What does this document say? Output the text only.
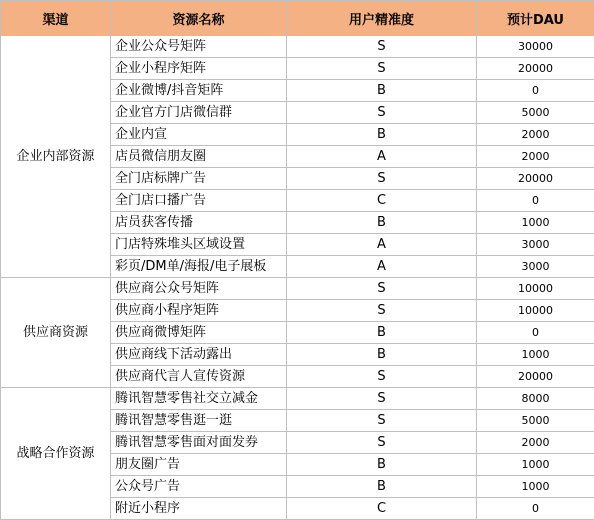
渠道	资源名称	用户精准度	预计DAU
企业内部资源	企业公众号矩阵	S	30000
	企业小程序矩阵	S	20000
	企业微博/抖音矩阵	B	0
	企业官方门店微信群	S	5000
	企业内宣	B	2000
	店员微信朋友圈	A	2000
	全门店标牌广告	S	20000
	全门店口播广告	C	0
	店员获客传播	B	1000
	门店特殊堆头区域设置	A	3000
	彩页/DM单/海报/电子展板	A	3000
供应商资源	供应商公众号矩阵	S	10000
	供应商小程序矩阵	S	10000
	供应商微博矩阵	B	0
	供应商线下活动露出	B	1000
	供应商代言人宣传资源	S	20000
战略合作资源	腾讯智慧零售社交立减金	S	8000
	腾讯智慧零售逛一逛	S	5000
	腾讯智慧零售面对面发券	S	2000
	朋友圈广告	B	1000
	公众号广告	B	1000
	附近小程序	C	0
